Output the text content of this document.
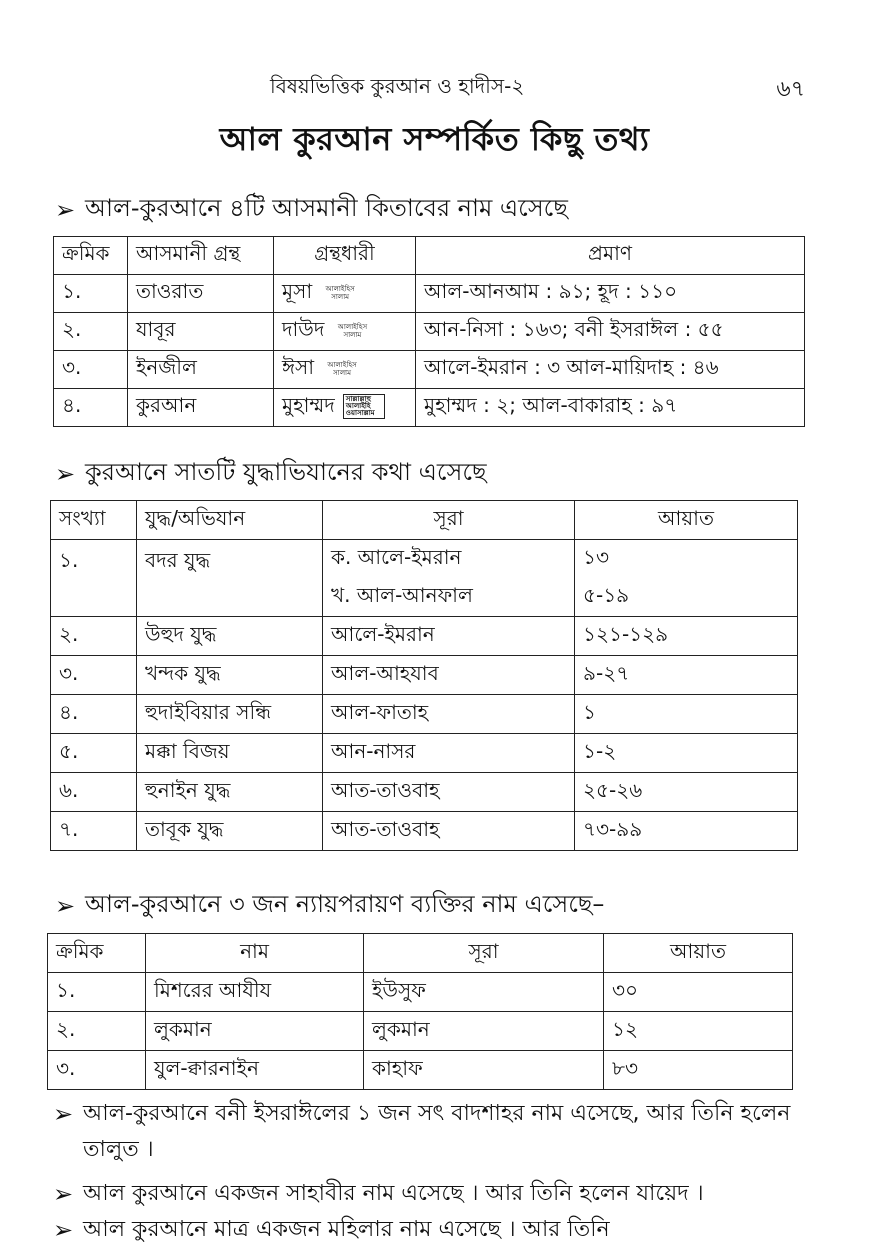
বিষয়ভিত্তিক কুরআন ও হাদীস-২	৬৭
আল কুরআন সম্পর্কিত কিছু তথ্য
➢ আল-কুরআনে ৪টি আসমানী কিতাবের নাম এসেছে
ক্রমিক	আসমানী গ্রন্থ	গ্রন্থধারী	প্রমাণ
১.	তাওরাত	মূসা আলাইহিস সালাম	আল-আনআম : ৯১; হূদ : ১১০
২.	যাবূর	দাউদ আলাইহিস সালাম	আন-নিসা : ১৬৩; বনী ইসরাঈল : ৫৫
৩.	ইনজীল	ঈসা আলাইহিস সালাম	আলে-ইমরান : ৩ আল-মায়িদাহ : ৪৬
৪.	কুরআন	মুহাম্মদ সাল্লাল্লাহু আলাইহি ওয়াসাল্লাম	মুহাম্মদ : ২; আল-বাকারাহ : ৯৭
➢ কুরআনে সাতটি যুদ্ধাভিযানের কথা এসেছে
সংখ্যা	যুদ্ধ/অভিযান	সূরা	আয়াত
১.	বদর যুদ্ধ	ক. আলে-ইমরান	১৩
		খ. আল-আনফাল	৫-১৯
২.	উহুদ যুদ্ধ	আলে-ইমরান	১২১-১২৯
৩.	খন্দক যুদ্ধ	আল-আহযাব	৯-২৭
৪.	হুদাইবিয়ার সন্ধি	আল-ফাতাহ	১
৫.	মক্কা বিজয়	আন-নাসর	১-২
৬.	হুনাইন যুদ্ধ	আত-তাওবাহ	২৫-২৬
৭.	তাবূক যুদ্ধ	আত-তাওবাহ	৭৩-৯৯
➢ আল-কুরআনে ৩ জন ন্যায়পরায়ণ ব্যক্তির নাম এসেছে–
ক্রমিক	নাম	সূরা	আয়াত
১.	মিশরের আযীয	ইউসুফ	৩০
২.	লুকমান	লুকমান	১২
৩.	যুল-ক্বারনাইন	কাহাফ	৮৩
➢ আল-কুরআনে বনী ইসরাঈলের ১ জন সৎ বাদশাহর নাম এসেছে, আর তিনি হলেন তালুত ।
➢ আল কুরআনে একজন সাহাবীর নাম এসেছে । আর তিনি হলেন যায়েদ ।
➢ আল কুরআনে মাত্র একজন মহিলার নাম এসেছে । আর তিনি
